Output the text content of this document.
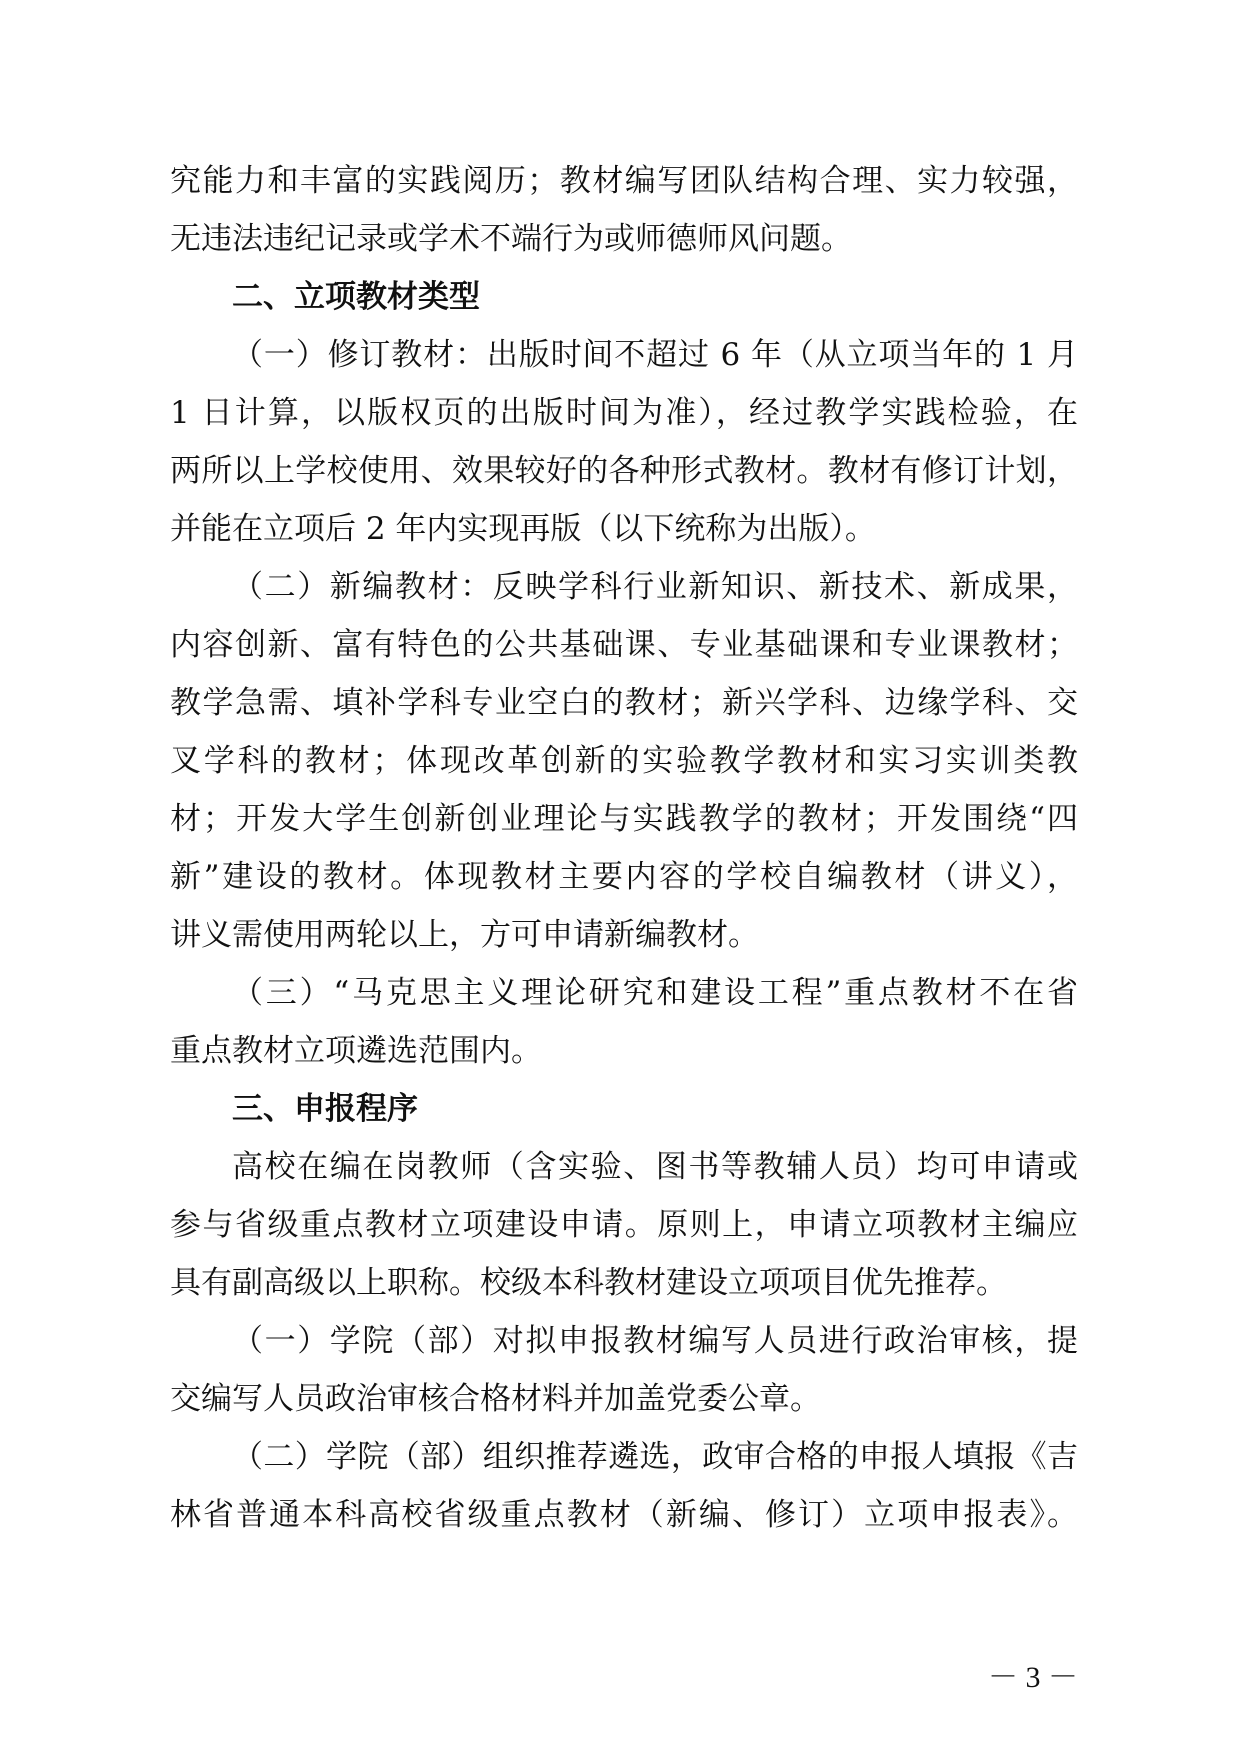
究能力和丰富的实践阅历；教材编写团队结构合理、实力较强，
无违法违纪记录或学术不端行为或师德师风问题。
二、立项教材类型
（一）修订教材：出版时间不超过 6 年（从立项当年的 1 月
1 日计算，以版权页的出版时间为准），经过教学实践检验，在
两所以上学校使用、效果较好的各种形式教材。教材有修订计划，
并能在立项后 2 年内实现再版（以下统称为出版）。
（二）新编教材：反映学科行业新知识、新技术、新成果，
内容创新、富有特色的公共基础课、专业基础课和专业课教材；
教学急需、填补学科专业空白的教材；新兴学科、边缘学科、交
叉学科的教材；体现改革创新的实验教学教材和实习实训类教
材；开发大学生创新创业理论与实践教学的教材；开发围绕“四
新”建设的教材。体现教材主要内容的学校自编教材（讲义），
讲义需使用两轮以上，方可申请新编教材。
（三）“马克思主义理论研究和建设工程”重点教材不在省
重点教材立项遴选范围内。
三、申报程序
高校在编在岗教师（含实验、图书等教辅人员）均可申请或
参与省级重点教材立项建设申请。原则上，申请立项教材主编应
具有副高级以上职称。校级本科教材建设立项项目优先推荐。
（一）学院（部）对拟申报教材编写人员进行政治审核，提
交编写人员政治审核合格材料并加盖党委公章。
（二）学院（部）组织推荐遴选，政审合格的申报人填报《吉
林省普通本科高校省级重点教材（新编、修订）立项申报表》。
－ 3 －
